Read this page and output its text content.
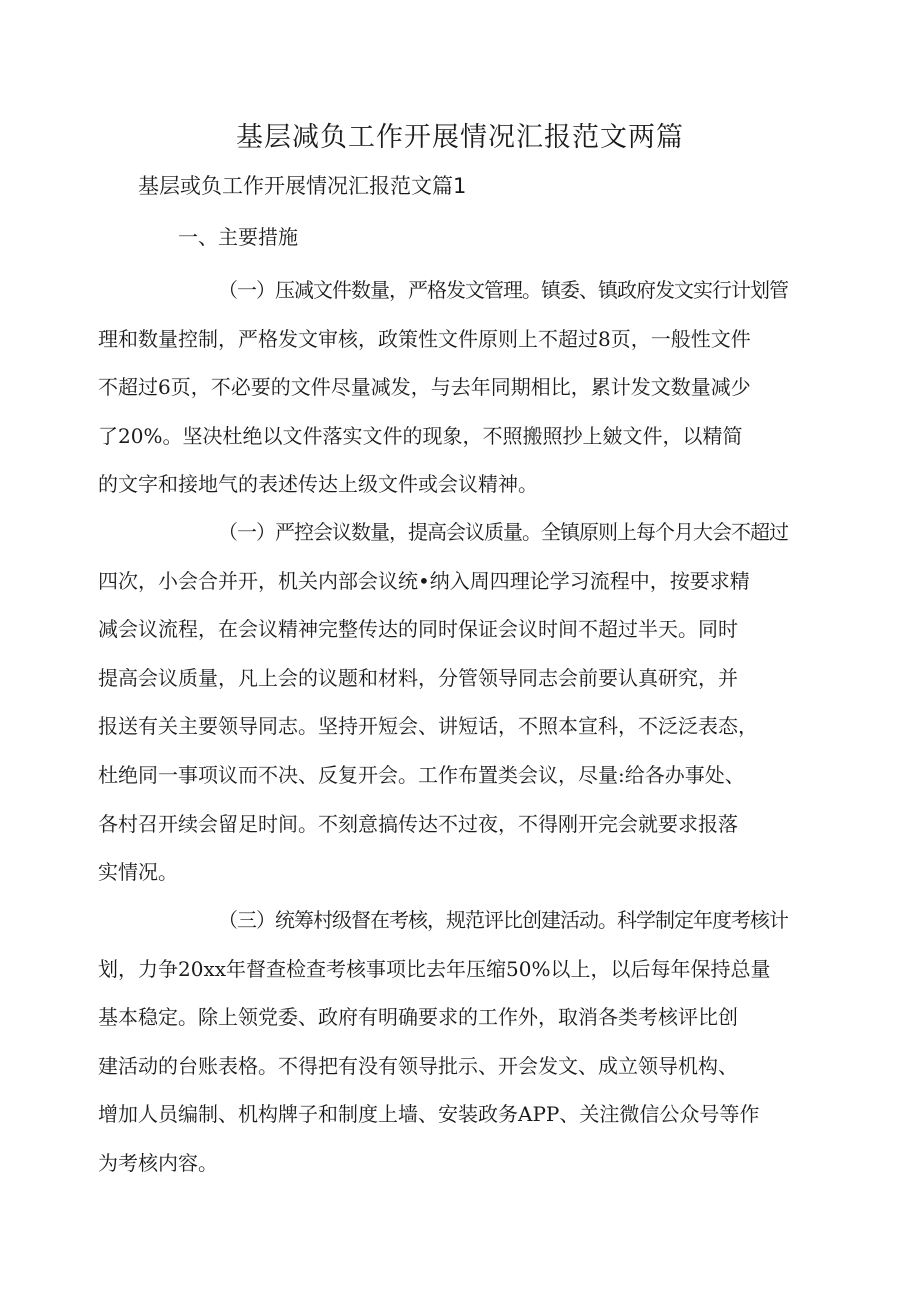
基层减负工作开展情况汇报范文两篇
基层或负工作开展情况汇报范文篇1
一、主要措施
（一）压减文件数量，严格发文管理。镇委、镇政府发文实行计划管
理和数量控制，严格发文审核，政策性文件原则上不超过8页，一般性文件
不超过6页，不必要的文件尽量减发，与去年同期相比，累计发文数量减少
了20%。坚决杜绝以文件落实文件的现象，不照搬照抄上皴文件，以精简
的文字和接地气的表述传达上级文件或会议精神。
（一）严控会议数量，提高会议质量。全镇原则上每个月大会不超过
四次，小会合并开，机关内部会议统•纳入周四理论学习流程中，按要求精
减会议流程，在会议精神完整传达的同时保证会议时间不超过半天。同时
提高会议质量，凡上会的议题和材料，分管领导同志会前要认真研究，并
报送有关主要领导同志。坚持开短会、讲短话，不照本宣科，不泛泛表态，
杜绝同一事项议而不决、反复开会。工作布置类会议，尽量:给各办事处、
各村召开续会留足时间。不刻意搞传达不过夜，不得刚开完会就要求报落
实情况。
（三）统筹村级督在考核，规范评比创建活动。科学制定年度考核计
划，力争20xx年督查检查考核事项比去年压缩50%以上，以后每年保持总量
基本稳定。除上领党委、政府有明确要求的工作外，取消各类考核评比创
建活动的台账表格。不得把有没有领导批示、开会发文、成立领导机构、
增加人员编制、机构牌子和制度上墙、安装政务APP、关注微信公众号等作
为考核内容。
